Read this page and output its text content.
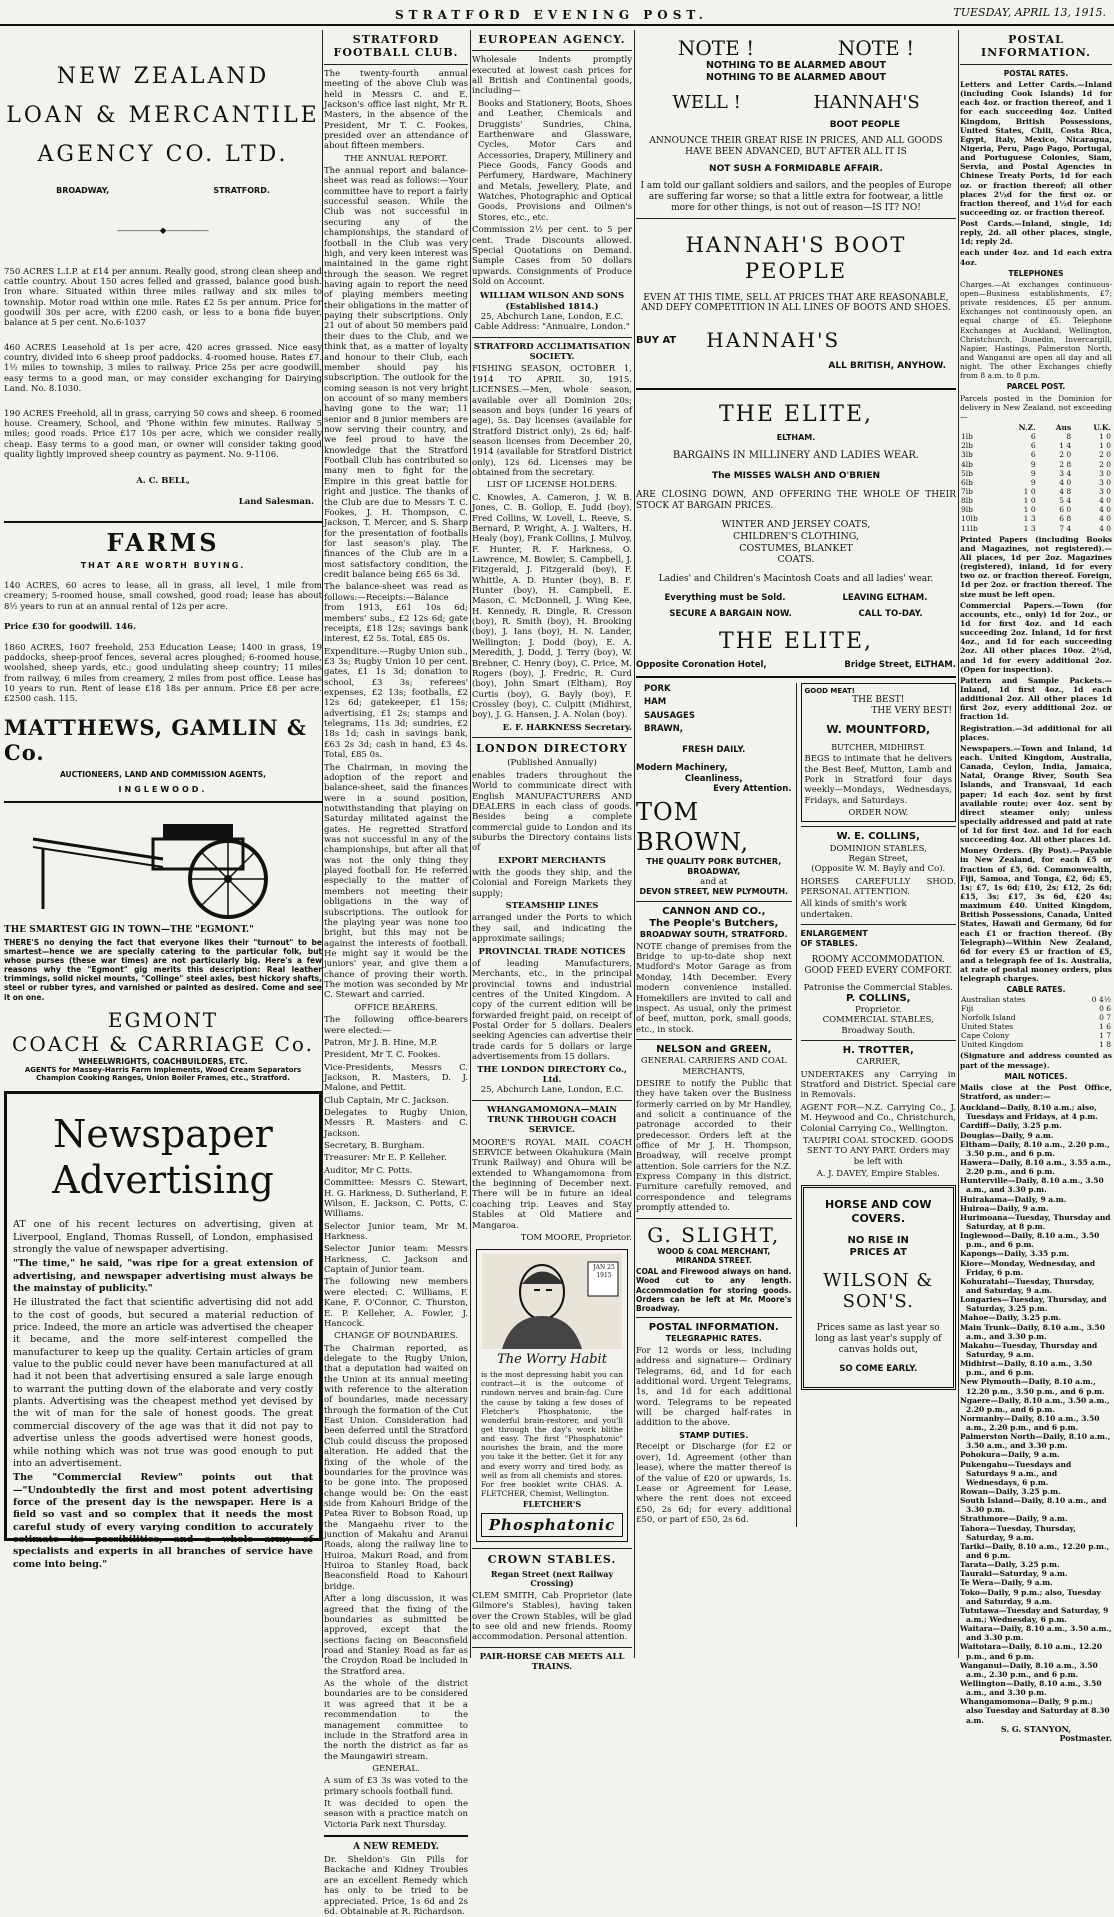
STRATFORD EVENING POST.	TUESDAY, APRIL 13, 1915.
NEW ZEALAND
LOAN & MERCANTILE
AGENCY CO. LTD.
BROADWAY,	STRATFORD.
―――――◆―――――

750 ACRES L.I.P. at £14 per annum. Really good, strong clean sheep and cattle country. About 150 acres felled and grassed, balance good bush. Iron whare. Situated within three miles railway and six miles to township. Motor road within one mile. Rates £2 5s per annum. Price for goodwill 30s per acre, with £200 cash, or less to a bona fide buyer, balance at 5 per cent. No.6-1037

460 ACRES Leasehold at 1s per acre, 420 acres grassed. Nice easy country, divided into 6 sheep proof paddocks. 4-roomed house. Rates £7. 1½ miles to township, 3 miles to railway. Price 25s per acre goodwill, easy terms to a good man, or may consider exchanging for Dairying Land. No. 8.1030.

190 ACRES Freehold, all in grass, carrying 50 cows and sheep. 6 roomed house. Creamery, School, and 'Phone within few minutes. Railway 5 miles; good roads. Price £17 10s per acre, which we consider really cheap. Easy terms to a good man, or owner will consider taking good quality lightly improved sheep country as payment. No. 9-1106.

A. C. BELL,
Land Salesman.
FARMS
THAT ARE WORTH BUYING.

140 ACRES, 60 acres to lease, all in grass, all level, 1 mile from creamery; 5-roomed house, small cowshed, good road; lease has about 8½ years to run at an annual rental of 12s per acre.

Price £30 for goodwill. 146.

1860 ACRES, 1607 freehold, 253 Education Lease; 1400 in grass, 19 paddocks, sheep-proof fences, several acres ploughed; 6-roomed house, woolshed, sheep yards, etc.; good undulating sheep country; 11 miles from railway, 6 miles from creamery, 2 miles from post office. Lease has 10 years to run. Rent of lease £18 18s per annum. Price £8 per acre. £2500 cash. 115.

MATTHEWS, GAMLIN & Co.
AUCTIONEERS, LAND AND COMMISSION AGENTS,
INGLEWOOD.
THE SMARTEST GIG IN TOWN—THE "EGMONT."

THERE'S no denying the fact that everyone likes their "turnout" to be smartest—hence we are specially catering to the particular folk, but whose purses (these war times) are not particularly big. Here's a few reasons why the "Egmont" gig merits this description: Real leather trimmings, solid nickel mounts, "Collinge" steel axles, best hickory shafts, steel or rubber tyres, and varnished or painted as desired. Come and see it on one.

EGMONT
COACH & CARRIAGE Co.
WHEELWRIGHTS, COACHBUILDERS, ETC.
AGENTS for Massey-Harris Farm Implements, Wood Cream Separators Champion Cooking Ranges, Union Boiler Frames, etc., Stratford.
Newspaper
Advertising

AT one of his recent lectures on advertising, given at Liverpool, England, Thomas Russell, of London, emphasised strongly the value of newspaper advertising.

"The time," he said, "was ripe for a great extension of advertising, and newspaper advertising must always be the mainstay of publicity."

He illustrated the fact that scientific advertising did not add to the cost of goods, but secured a material reduction of price. Indeed, the more an article was advertised the cheaper it became, and the more self-interest compelled the manufacturer to keep up the quality. Certain articles of gram value to the public could never have been manufactured at all had it not been that advertising ensured a sale large enough to warrant the putting down of the elaborate and very costly plants. Advertising was the cheapest method yet devised by the wit of man for the sale of honest goods. The great commercial discovery of the age was that it did not pay to advertise unless the goods advertised were honest goods, while nothing which was not true was good enough to put into an advertisement.

The "Commercial Review" points out that—"Undoubtedly the first and most potent advertising force of the present day is the newspaper. Here is a field so vast and so complex that it needs the most careful study of every varying condition to accurately estimate its possibilities, and a whole army of specialists and experts in all branches of service have come into being."

STRATFORD FOOTBALL CLUB.

The twenty-fourth annual meeting of the above Club was held in Messrs C. and E. Jackson's office last night, Mr R. Masters, in the absence of the President, Mr T. C. Fookes, presided over an attendance of about fifteen members.

THE ANNUAL REPORT.

The annual report and balance-sheet was read as follows:—Your committee have to report a fairly successful season. While the Club was not successful in securing any of the championships, the standard of football in the Club was very high, and very keen interest was maintained in the game right through the season. We regret having again to report the need of playing members meeting their obligations in the matter of paying their subscriptions. Only 21 out of about 50 members paid their dues to the Club, and we think that, as a matter of loyalty and honour to their Club, each member should pay his subscription. The outlook for the coming season is not very bright on account of so many members having gone to the war; 11 senior and 8 junior members are now serving their country, and we feel proud to have the knowledge that the Stratford Football Club has contributed so many men to fight for the Empire in this great battle for right and justice. The thanks of the Club are due to Messrs T. C. Fookes, J. H. Thompson, C. Jackson, T. Mercer, and S. Sharp for the presentation of footballs for last season's play. The finances of the Club are in a most satisfactory condition, the credit balance being £65 6s 3d.

The balance-sheet was read as follows:—Receipts:—Balance from 1913, £61 10s 6d; members' subs., £2 12s 6d; gate receipts, £18 12s; savings bank interest, £2 5s. Total, £85 0s.

Expenditure.—Rugby Union sub., £3 3s; Rugby Union 10 per cent. gates, £1 1s 3d; donation to school, £3 3s; referees' expenses, £2 13s; footballs, £2 12s 6d; gatekeeper, £1 15s; advertising, £1 2s; stamps and telegrams, 11s 3d; sundries, £2 18s 1d; cash in savings bank, £63 2s 3d; cash in hand, £3 4s. Total, £85 0s.

The Chairman, in moving the adoption of the report and balance-sheet, said the finances were in a sound position, notwithstanding that playing on Saturday militated against the gates. He regretted Stratford was not successful in any of the championships, but after all that was not the only thing they played football for. He referred especially to the matter of members not meeting their obligations in the way of subscriptions. The outlook for the playing year was none too bright, but this may not be against the interests of football. He might say it would be the juniors' year, and give them a chance of proving their worth. The motion was seconded by Mr C. Stewart and carried.

OFFICE BEARERS.

The following office-bearers were elected:—

Patron, Mr J. B. Hine, M.P.

President, Mr T. C. Fookes.

Vice-Presidents, Messrs C. Jackson, R. Masters, D. J. Malone, and Pettit.

Club Captain, Mr C. Jackson.

Delegates to Rugby Union, Messrs R. Masters and C. Jackson.

Secretary, B. Burgham.

Treasurer: Mr E. P. Kelleher.

Auditor, Mr C. Potts.

Committee: Messrs C. Stewart, H. G. Harkness, D. Sutherland, F. Wilson, E. Jackson, C. Potts, C. Williams.

Selector Junior team, Mr M. Harkness.

Selector Junior team: Messrs Harkness, C. Jackson and Captain of Junior team.

The following new members were elected: C. Williams, F. Kane, F. O'Connor, C. Thurston, E. P. Kelleher, A. Fowler, J. Hancock.

CHANGE OF BOUNDARIES.

The Chairman reported, as delegate to the Rugby Union, that a deputation had waited on the Union at its annual meeting with reference to the alteration of boundaries, made necessary through the formation of the Cut East Union. Consideration had been deferred until the Stratford Club could discuss the proposed alteration. He added that the fixing of the whole of the boundaries for the province was to be gone into. The proposed change would be: On the east side from Kahouri Bridge of the Patea River to Bobson Road, up the Mangaehu river to the junction of Makahu and Aranui Roads, along the railway line to Huiroa, Makuri Road, and from Huiroa to Stanley Road, back Beaconsfield Road to Kahouri bridge.

After a long discussion, it was agreed that the fixing of the boundaries as submitted be approved, except that the sections facing on Beaconsfield road and Stanley Road as far as the Croydon Road be included in the Stratford area.

As the whole of the district boundaries are to be considered it was agreed that it be a recommendation to the management committee to include in the Stratford area in the north the district as far as the Maungawiri stream.

GENERAL.

A sum of £3 3s was voted to the primary schools football fund.

It was decided to open the season with a practice match on Victoria Park next Thursday.

A NEW REMEDY.

Dr. Sheldon's Gin Pills for Backache and Kidney Troubles are an excellent Remedy which has only to be tried to be appreciated. Price, 1s 6d and 2s 6d. Obtainable at R. Richardson.

EUROPEAN AGENCY.

Wholesale Indents promptly executed at lowest cash prices for all British and Continental goods, including—

Books and Stationery, Boots, Shoes and Leather, Chemicals and Druggists' Sundries, China, Earthenware and Glassware, Cycles, Motor Cars and Accessories, Drapery, Millinery and Piece Goods, Fancy Goods and Perfumery, Hardware, Machinery and Metals, Jewellery, Plate, and Watches, Photographic and Optical Goods, Provisions and Oilmen's Stores, etc., etc.

Commission 2½ per cent. to 5 per cent. Trade Discounts allowed. Special Quotations on Demand. Sample Cases from 50 dollars upwards. Consignments of Produce Sold on Account.

WILLIAM WILSON AND SONS (Established 1814.)
25, Abchurch Lane, London, E.C. Cable Address: "Annuaire, London."
STRATFORD ACCLIMATISATION SOCIETY.

FISHING SEASON, OCTOBER 1, 1914 TO APRIL 30, 1915. LICENSES.—Men, whole season, available over all Dominion 20s; season and boys (under 16 years of age), 5s. Day licenses (available for Stratford District only), 2s 6d; half-season licenses from December 20, 1914 (available for Stratford District only), 12s 6d. Licenses may be obtained from the secretary.

LIST OF LICENSE HOLDERS.

C. Knowles, A. Cameron, J. W. B. Jones, C. B. Gollop, E. Judd (boy), Fred Collins, W. Lovell, L. Reeve, S. Bernard, P. Wright, A. J. Walters, H. Healy (boy), Frank Collins, J. Mulvoy, F. Hunter, R. F. Harkness, O. Lawrence, M. Bowler, S. Campbell, J. Fitzgerald, J. Fitzgerald (boy), F. Whittle, A. D. Hunter (boy), B. F. Hunter (boy), H. Campbell, E. Mason, C. McDonnell, J. Wing Kee, H. Kennedy, R. Dingle, R. Cresson (boy), R. Smith (boy), H. Brooking (boy), J. Ians (boy), H. N. Lander, Wellington; J. Dodd (boy), E. A. Meredith, J. Dodd, J. Terry (boy), W. Brebner, C. Henry (boy), C. Price, M. Rogers (boy), J. Fredric, R. Curd (boy), John Smart (Eltham), Roy Curtis (boy), G. Bayly (boy), F. Crossley (boy), C. Culpitt (Midhirst, boy), J. G. Hansen, J. A. Nolan (boy).

E. F. HARKNESS Secretary.
LONDON DIRECTORY
(Published Annually)

enables traders throughout the World to communicate direct with English MANUFACTURERS AND DEALERS in each class of goods. Besides being a complete commercial guide to London and its suburbs the Directory contains lists of

EXPORT MERCHANTS

with the goods they ship, and the Colonial and Foreign Markets they supply;

STEAMSHIP LINES

arranged under the Ports to which they sail, and indicating the approximate sailings;

PROVINCIAL TRADE NOTICES

of leading Manufacturers, Merchants, etc., in the principal provincial towns and industrial centres of the United Kingdom. A copy of the current edition will be forwarded freight paid, on receipt of Postal Order for 5 dollars. Dealers seeking Agencies can advertise their trade cards for 5 dollars or large advertisements from 15 dollars.

THE LONDON DIRECTORY Co., Ltd.
25, Abchurch Lane, London, E.C.
WHANGAMOMONA—MAIN TRUNK THROUGH COACH SERVICE.

MOORE'S ROYAL MAIL COACH SERVICE between Okahukura (Main Trunk Railway) and Ohura will be extended to Whangamomona from the beginning of December next. There will be in future an ideal coaching trip. Leaves and Stay Stables at Old Matiere and Mangaroa.

TOM MOORE, Proprietor.
JAN 25 1915
The Worry Habit

is the most depressing habit you can contract—it is the outcome of rundown nerves and brain-fag. Cure the cause by taking a few doses of Fletcher's Phosphatonic, the wonderful brain-restorer, and you'll get through the day's work blithe and easy. The first "Phosphatonic" nourishes the brain, and the more you take it the better. Get it for any and every worry and tired body, as well as from all chemists and stores. For free booklet write CHAS. A. FLETCHER, Chemist, Wellington.

FLETCHER'S
Phosphatonic
CROWN STABLES.
Regan Street (next Railway Crossing)

CLEM SMITH, Cab Proprietor (late Gilmore's Stables), having taken over the Crown Stables, will be glad to see old and new friends. Roomy accommodation. Personal attention.

PAIR-HORSE CAB MEETS ALL TRAINS.
NOTE !	NOTE !
NOTHING TO BE ALARMED ABOUT
NOTHING TO BE ALARMED ABOUT
WELL !	HANNAH'S
BOOT PEOPLE
ANNOUNCE THEIR GREAT RISE IN PRICES, AND ALL GOODS HAVE BEEN ADVANCED, BUT AFTER ALL IT IS
NOT SUSH A FORMIDABLE AFFAIR.
I am told our gallant soldiers and sailors, and the peoples of Europe are suffering far worse; so that a little extra for footwear, a little more for other things, is not out of reason—IS IT? NO!
HANNAH'S BOOT PEOPLE
EVEN AT THIS TIME, SELL AT PRICES THAT ARE REASONABLE, AND DEFY COMPETITION IN ALL LINES OF BOOTS AND SHOES.
BUY AT HANNAH'S
ALL BRITISH, ANYHOW.
THE ELITE,
ELTHAM.
BARGAINS IN MILLINERY AND LADIES WEAR.
The MISSES WALSH AND O'BRIEN

ARE CLOSING DOWN, AND OFFERING THE WHOLE OF THEIR STOCK AT BARGAIN PRICES.

WINTER AND JERSEY COATS, CHILDREN'S CLOTHING, COSTUMES, BLANKET COATS.
Ladies' and Children's Macintosh Coats and all ladies' wear.
Everything must be Sold.	LEAVING ELTHAM.
SECURE A BARGAIN NOW.	CALL TO-DAY.
THE ELITE,
Opposite Coronation Hotel,	Bridge Street, ELTHAM.
PORK
HAM
SAUSAGES
BRAWN,
FRESH DAILY.
Modern Machinery,
Cleanliness,
Every Attention.
TOM BROWN,
THE QUALITY PORK BUTCHER, BROADWAY,
and at
DEVON STREET, NEW PLYMOUTH.
CANNON AND CO.,
The People's Butchers,
BROADWAY SOUTH, STRATFORD.

NOTE change of premises from the Bridge to up-to-date shop next Mudford's Motor Garage as from Monday, 14th December. Every modern convenience installed. Homekillers are invited to call and inspect. As usual, only the primest of beef, mutton, pork, small goods, etc., in stock.

NELSON and GREEN,
GENERAL CARRIERS AND COAL MERCHANTS,

DESIRE to notify the Public that they have taken over the Business formerly carried on by Mr Handley, and solicit a continuance of the patronage accorded to their predecessor. Orders left at the office of Mr J. H. Thompson, Broadway, will receive prompt attention. Sole carriers for the N.Z. Express Company in this district. Furniture carefully removed, and correspondence and telegrams promptly attended to.

G. SLIGHT,
WOOD & COAL MERCHANT,
MIRANDA STREET.

COAL and Firewood always on hand. Wood cut to any length. Accommodation for storing goods. Orders can be left at Mr. Moore's Broadway.

POSTAL INFORMATION.
TELEGRAPHIC RATES.

For 12 words or less, including address and signature— Ordinary Telegrams, 6d, and 1d for each additional word. Urgent Telegrams, 1s, and 1d for each additional word. Telegrams to be repeated will be charged half-rates in addition to the above.

STAMP DUTIES.

Receipt or Discharge (for £2 or over), 1d. Agreement (other than lease), where the matter thereof is of the value of £20 or upwards, 1s. Lease or Agreement for Lease, where the rent does not exceed £50, 2s 6d; for every additional £50, or part of £50, 2s 6d.

GOOD MEAT!
THE BEST!
THE VERY BEST!
W. MOUNTFORD,
BUTCHER, MIDHIRST.

BEGS to intimate that he delivers the Best Beef, Mutton, Lamb and Pork in Stratford four days weekly—Mondays, Wednesdays, Fridays, and Saturdays.

ORDER NOW.
W. E. COLLINS,
DOMINION STABLES,
Regan Street,
(Opposite W. M. Bayly and Co).

HORSES CAREFULLY SHOD. PERSONAL ATTENTION.

All kinds of smith's work undertaken.
ENLARGEMENT OF STABLES.
ROOMY ACCOMMODATION. GOOD FEED EVERY COMFORT.
Patronise the Commercial Stables.
P. COLLINS,
Proprietor.
COMMERCIAL STABLES,
Broadway South.
H. TROTTER,
CARRIER,

UNDERTAKES any Carrying in Stratford and District. Special care in Removals.

AGENT FOR—N.Z. Carrying Co., J. M. Heywood and Co., Christchurch, Colonial Carrying Co., Wellington.

TAUPIRI COAL STOCKED. GOODS SENT TO ANY PART. Orders may be left with

A. J. DAVEY, Empire Stables.
HORSE AND COW COVERS.
NO RISE IN PRICES AT
WILSON & SON'S.
Prices same as last year so long as last year's supply of canvas holds out,
SO COME EARLY.
POSTAL INFORMATION.
POSTAL RATES.

Letters and Letter Cards.—Inland (including Cook Islands) 1d for each 4oz. or fraction thereof, and 1 for each succeeding 4oz. United Kingdom, British Possessions, United States, Chili, Costa Rica, Egypt, Italy, Mexico, Nicaragua, Nigeria, Peru, Pago Pago, Portugal, and Portuguese Colonies, Siam, Servia, and Postal Agencies in Chinese Treaty Ports, 1d for each oz. or fraction thereof; all other places 2½d for the first oz. or fraction thereof, and 1½d for each succeeding oz. or fraction thereof.

Post Cards.—Inland, single, 1d; reply, 2d. all other places, single, 1d; reply 2d.

each under 4oz. and 1d each extra 4oz.

TELEPHONES

Charges.—At exchanges continuous-open—Business establishments, £7; private residences, £5 per annum. Exchanges not continuously open, an equal charge of £5. Telephone Exchanges at Auckland, Wellington, Christchurch, Dunedin, Invercargill, Napier, Hastings, Palmerston North, and Wanganui are open all day and all night. The other Exchanges chiefly from 8 a.m. to 8 p.m.

PARCEL POST.

Parcels posted in the Dominion for delivery in New Zealand, not exceeding—

	N.Z.	Aus	U.K.
1lb	6	8	1 0
2lb	6	1 4	1 0
3lb	6	2 0	2 0
4lb	9	2 8	2 0
5lb	9	3 4	3 0
6lb	9	4 0	3 0
7lb	1 0	4 8	3 0
8lb	1 0	5 4	4 0
9lb	1 0	6 0	4 0
10lb	1 3	6 8	4 0
11lb	1 3	7 4	4 0

Printed Papers (including Books and Magazines, not registered).—All places, 1d per 2oz. Magazines (registered), inland, 1d for every two oz. or fraction thereof. Foreign, 1d per 2oz. or fraction thereof. The size must be left open.

Commercial Papers.—Town (for accounts, etc., only) 1d for 2oz., or 1d for first 4oz. and 1d each succeeding 2oz. Inland, 1d for first 4oz., and 1d for each succeeding 2oz. All other places 10oz. 2½d, and 1d for every additional 2oz. (Open for inspection).

Pattern and Sample Packets.—Inland, 1d first 4oz., 1d each additional 2oz. All other places 1d first 2oz, every additional 2oz. or fraction 1d.

Registration.—3d additional for all places.

Newspapers.—Town and Inland, 1d each. United Kingdom, Australia, Canada, Ceylon, India, Jamaica, Natal, Orange River, South Sea Islands, and Transvaal, 1d each paper; 1d each 4oz. sent by first available route; over 4oz. sent by direct steamer only; unless specially addressed and paid at rate of 1d for first 4oz. and 1d for each succeeding 4oz. All other places 1d.

Money Orders. (By Post).—Payable in New Zealand, for each £5 or fraction of £5, 6d. Commonwealth, Fiji, Samoa, and Tonga, £2, 6d; £5, 1s; £7, 1s 6d; £10, 2s; £12, 2s 6d; £15, 3s; £17, 3s 6d, £20 4s; maximum £40. United Kingdom, British Possessions, Canada, United States, Hawaii and Germany, 6d for each £1 or fraction thereof. (By Telegraph)—Within New Zealand, 6d for every £5 or fraction of £5, and a telegraph fee of 1s. Australia, at rate of postal money orders, plus telegraph charges.

CABLE RATES.
Australian states	0 4½
Fiji	0 6
Norfolk Island	0 7
United States	1 6
Cape Colony	1 7
United Kingdom	1 8

(Signature and address counted as part of the message).

MAIL NOTICES.

Mails close at the Post Office, Stratford, as under:—

Auckland—Daily, 8.10 a.m.; also, Tuesdays and Fridays, at 4 p.m.
Cardiff—Daily, 3.25 p.m.
Douglas—Daily, 9 a.m.
Eltham—Daily, 8.10 a.m., 2.20 p.m., 3.50 p.m., and 6 p.m.
Hawera—Daily, 8.10 a.m., 3.55 a.m., 2.20 p.m., and 6 p.m.
Hunterville—Daily, 8.10 a.m., 3.50 a.m., and 3.30 p.m.
Huirakama—Daily, 9 a.m.
Huiroa—Daily, 9 a.m.
Hurimoana—Tuesday, Thursday and Saturday, at 8 p.m.
Inglewood—Daily, 8.10 a.m., 3.50 p.m., and 6 p.m.
Kapongs—Daily, 3.35 p.m.
Kiore—Monday, Wednesday, and Friday, 6 p.m.
Kohuratahi—Tuesday, Thursday, and Saturday, 9 a.m.
Longaries—Tuesday, Thursday, and Saturday, 3.25 p.m.
Mahoe—Daily, 3.25 p.m.
Main Trunk—Daily, 8.10 a.m., 3.50 a.m., and 3.30 p.m.
Makahu—Tuesday, Thursday and Saturday, 9 a.m.
Midhirst—Daily, 8.10 a.m., 3.50 p.m., and 6 p.m.
New Plymouth—Daily, 8.10 a.m., 12.20 p.m., 3.50 p.m., and 6 p.m.
Ngaere—Daily, 8.10 a.m., 3.50 a.m., 2.20 p.m., and 6 p.m.
Normanby—Daily, 8.10 a.m., 3.50 a.m., 2.20 p.m., and 6 p.m.
Palmerston North—Daily, 8.10 a.m., 3.50 a.m., and 3.30 p.m.
Pohokura—Daily, 9 a.m.
Pukengahu—Tuesdays and Saturdays 9 a.m., and Wednesdays, 6 p.m.
Rowan—Daily, 3.25 p.m.
South Island—Daily, 8.10 a.m., and 3.30 p.m.
Strathmore—Daily, 9 a.m.
Tahora—Tuesday, Thursday, Saturday, 9 a.m.
Tariki—Daily, 8.10 a.m., 12.20 p.m., and 6 p.m.
Tarata—Daily, 3.25 p.m.
Tauraki—Saturday, 9 a.m.
Te Wera—Daily, 9 a.m.
Toko—Daily, 9 p.m.; also, Tuesday and Saturday, 9 a.m.
Tututawa—Tuesday and Saturday, 9 a.m.; Wednesday, 6 p.m.
Waitara—Daily, 8.10 a.m., 3.50 a.m., and 3.30 p.m.
Waitotara—Daily, 8.10 a.m., 12.20 p.m., and 6 p.m.
Wanganui—Daily, 8.10 a.m., 3.50 a.m., 2.30 p.m., and 6 p.m.
Wellington—Daily, 8.10 a.m., 3.50 a.m., and 3.30 p.m.
Whangamomona—Daily, 9 p.m.; also Tuesday and Saturday at 8.30 a.m.
S. G. STANYON,
Postmaster.
